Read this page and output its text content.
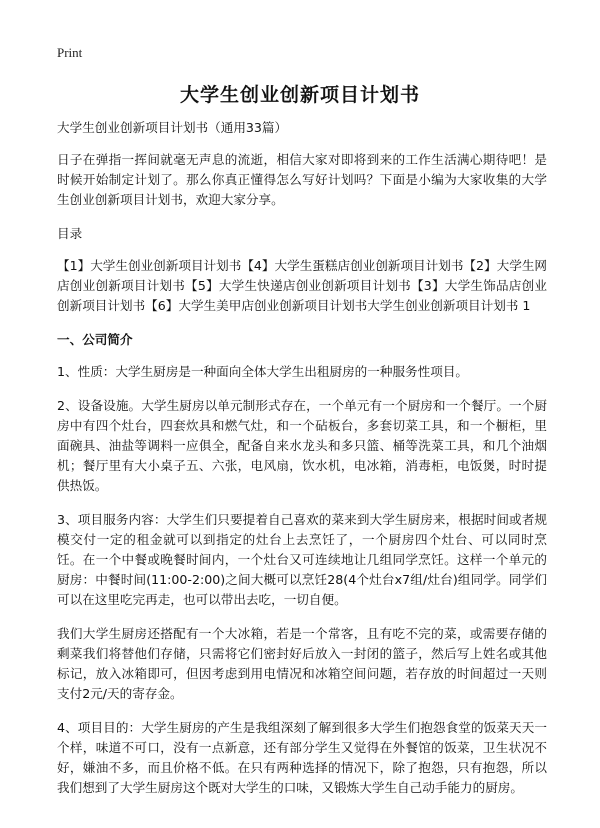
Print
大学生创业创新项目计划书

大学生创业创新项目计划书（通用33篇）

日子在弹指一挥间就毫无声息的流逝，相信大家对即将到来的工作生活满心期待吧！是时候开始制定计划了。那么你真正懂得怎么写好计划吗？下面是小编为大家收集的大学生创业创新项目计划书，欢迎大家分享。

目录

【1】大学生创业创新项目计划书【4】大学生蛋糕店创业创新项目计划书【2】大学生网店创业创新项目计划书【5】大学生快递店创业创新项目计划书【3】大学生饰品店创业创新项目计划书【6】大学生美甲店创业创新项目计划书大学生创业创新项目计划书 1

一、公司简介

1、性质：大学生厨房是一种面向全体大学生出租厨房的一种服务性项目。

2、设备设施。大学生厨房以单元制形式存在，一个单元有一个厨房和一个餐厅。一个厨房中有四个灶台，四套炊具和燃气灶，和一个砧板台，多套切菜工具，和一个橱柜，里面碗具、油盐等调料一应俱全，配备自来水龙头和多只篮、桶等洗菜工具，和几个油烟机；餐厅里有大小桌子五、六张，电风扇，饮水机，电冰箱，消毒柜，电饭煲，时时提供热饭。

3、项目服务内容：大学生们只要提着自己喜欢的菜来到大学生厨房来，根据时间或者规模交付一定的租金就可以到指定的灶台上去烹饪了，一个厨房四个灶台、可以同时烹饪。在一个中餐或晚餐时间内，一个灶台又可连续地让几组同学烹饪。这样一个单元的厨房：中餐时间(11:00-2:00)之间大概可以烹饪28(4个灶台x7组/灶台)组同学。同学们可以在这里吃完再走，也可以带出去吃，一切自便。

我们大学生厨房还搭配有一个大冰箱，若是一个常客，且有吃不完的菜，或需要存储的剩菜我们将替他们存储，只需将它们密封好后放入一封闭的篮子，然后写上姓名或其他标记，放入冰箱即可，但因考虑到用电情况和冰箱空间问题，若存放的时间超过一天则支付2元/天的寄存金。

4、项目目的：大学生厨房的产生是我组深刻了解到很多大学生们抱怨食堂的饭菜天天一个样，味道不可口，没有一点新意，还有部分学生又觉得在外餐馆的饭菜，卫生状况不好，嫌油不多，而且价格不低。在只有两种选择的情况下，除了抱怨，只有抱怨，所以我们想到了大学生厨房这个既对大学生的口味，又锻炼大学生自己动手能力的厨房。
